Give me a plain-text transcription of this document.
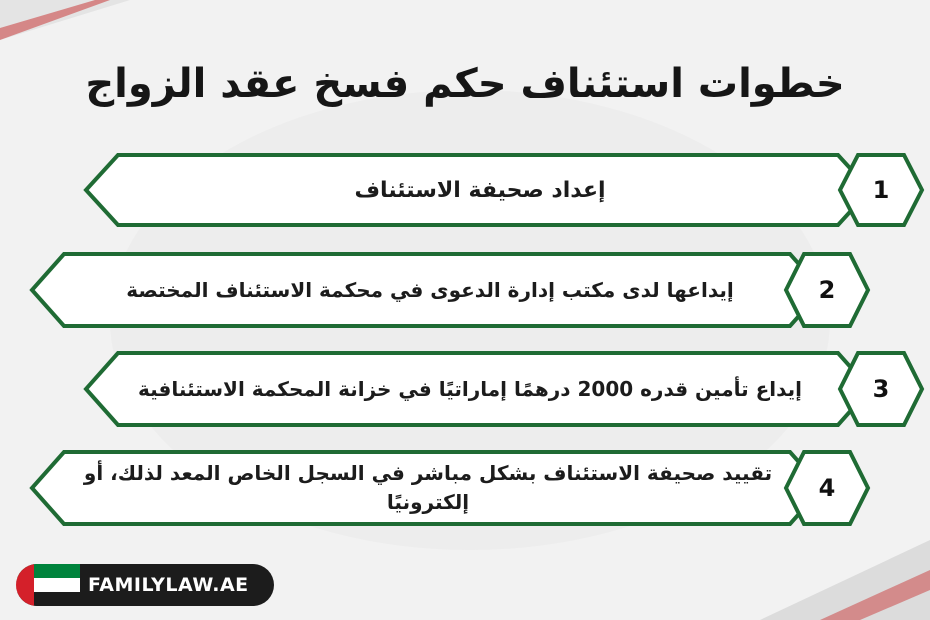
خطوات استئناف حكم فسخ عقد الزواج
إعداد صحيفة الاستئناف	1
إيداعها لدى مكتب إدارة الدعوى في محكمة الاستئناف المختصة	2
إيداع تأمين قدره 2000 درهمًا إماراتيًا في خزانة المحكمة الاستئنافية	3
تقييد صحيفة الاستئناف بشكل مباشر في السجل الخاص المعد لذلك، أو إلكترونيًا	4
FAMILYLAW.AE
